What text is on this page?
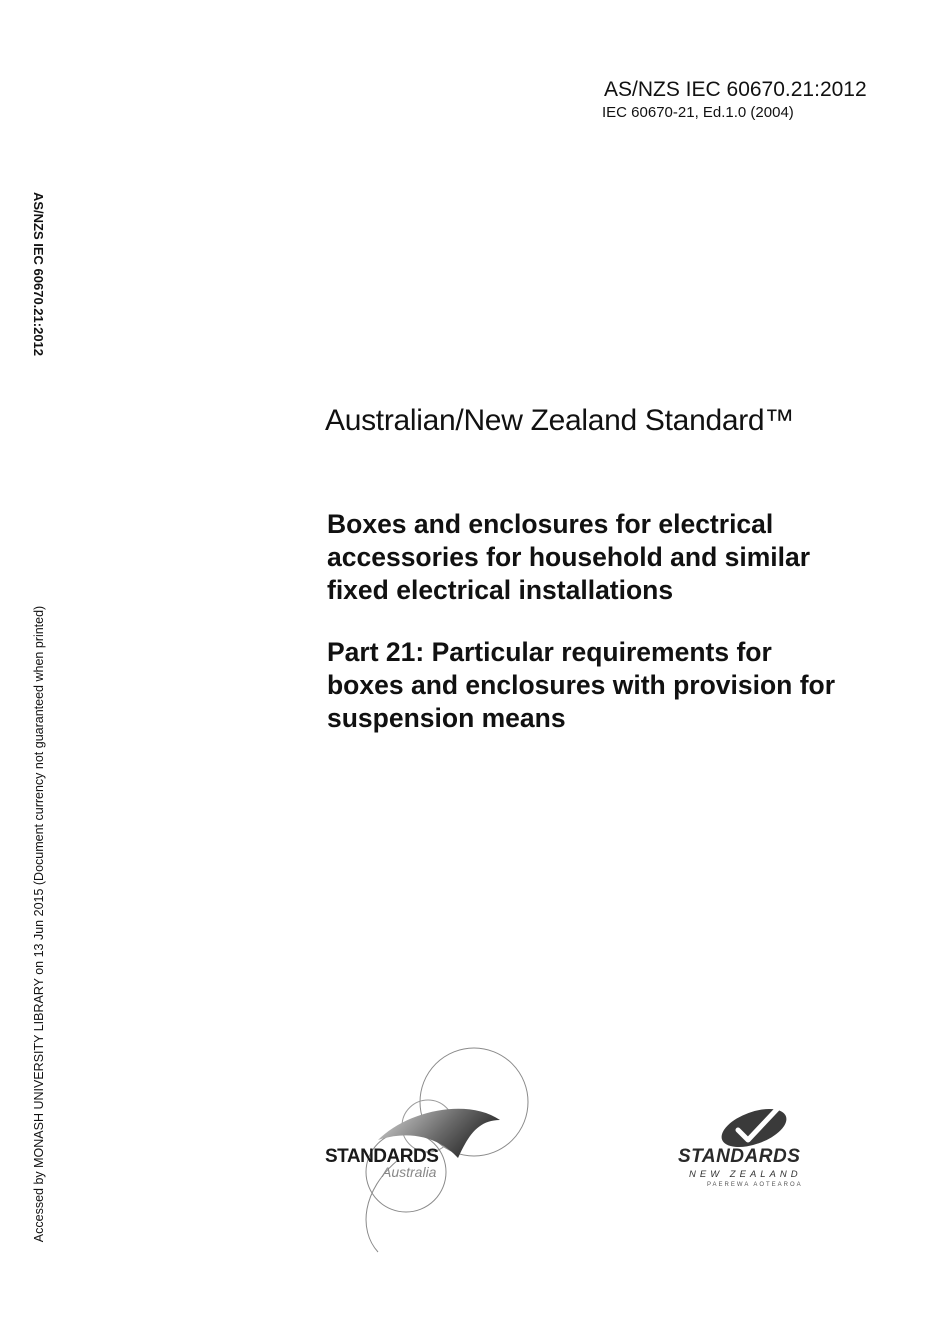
AS/NZS IEC 60670.21:2012
IEC 60670-21, Ed.1.0 (2004)
AS/NZS IEC 60670.21:2012
Accessed by MONASH UNIVERSITY LIBRARY on 13 Jun 2015 (Document currency not guaranteed when printed)
Australian/New Zealand Standard™
Boxes and enclosures for electrical
accessories for household and similar
fixed electrical installations
Part 21: Particular requirements for
boxes and enclosures with provision for
suspension means
STANDARDS
Australia
STANDARDS
NEW ZEALAND
PAEREWA AOTEAROA
